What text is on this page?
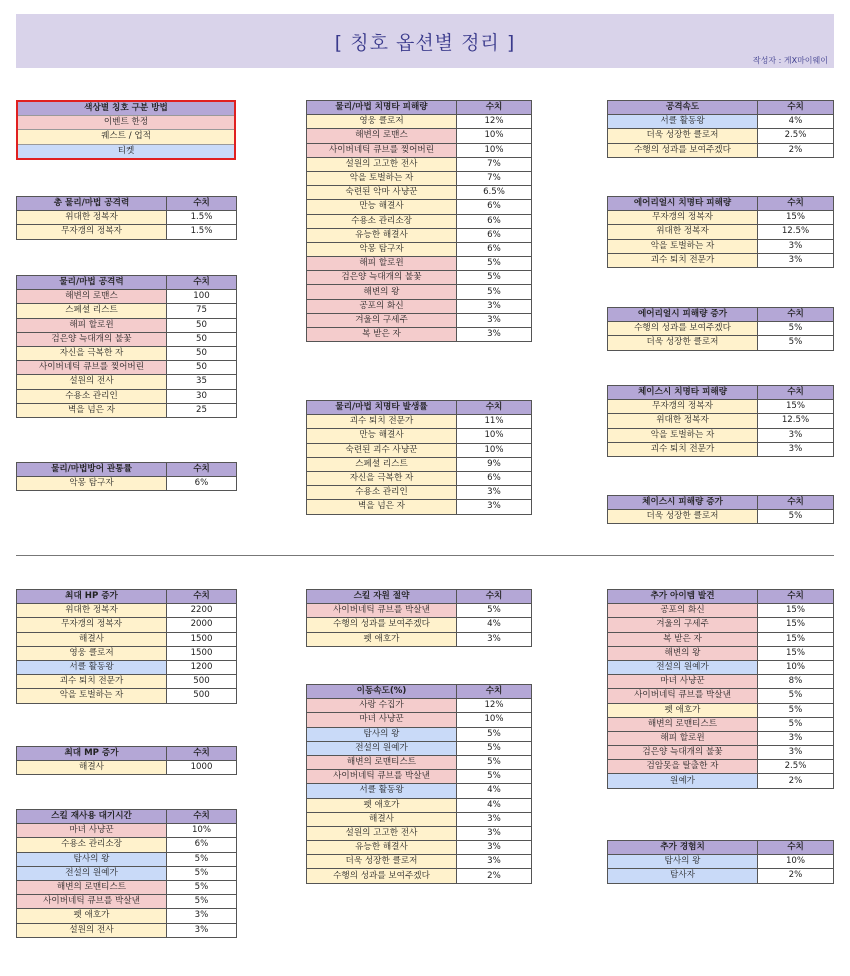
[ 칭호 옵션별 정리 ]
작성자 : 게X마이웨이
색상별 칭호 구분 방법
이벤트 한정
퀘스트 / 업적
티켓
총 물리/마법 공격력	수치
위대한 정복자	1.5%
무자갱의 정복자	1.5%
물리/마법 공격력	수치
해변의 로맨스	100
스페셜 리스트	75
해피 할로윈	50
검은양 늑대개의 불꽃	50
자신을 극복한 자	50
사이버네틱 큐브를 찢어버린	50
설원의 전사	35
수용소 관리인	30
벽을 넘은 자	25
물리/마법방어 관통률	수치
악몽 탐구자	6%
물리/마법 치명타 피해량	수치
영웅 클로저	12%
해변의 로맨스	10%
사이버네틱 큐브를 찢어버린	10%
설원의 고고한 전사	7%
악을 토벌하는 자	7%
숙련된 악마 사냥꾼	6.5%
만능 해결사	6%
수용소 관리소장	6%
유능한 해결사	6%
악몽 탐구자	6%
해피 할로윈	5%
검은양 늑대개의 불꽃	5%
해변의 왕	5%
공포의 화신	3%
겨울의 구세주	3%
복 받은 자	3%
물리/마법 치명타 발생률	수치
괴수 퇴치 전문가	11%
만능 해결사	10%
숙련된 괴수 사냥꾼	10%
스페셜 리스트	9%
자신을 극복한 자	6%
수용소 관리인	3%
벽을 넘은 자	3%
공격속도	수치
서클 활동왕	4%
더욱 성장한 클로저	2.5%
수행의 성과를 보여주겠다	2%
에어리얼시 치명타 피해량	수치
무자갱의 정복자	15%
위대한 정복자	12.5%
악을 토벌하는 자	3%
괴수 퇴치 전문가	3%
에어리얼시 피해량 증가	수치
수행의 성과를 보여주겠다	5%
더욱 성장한 클로저	5%
체이스시 치명타 피해량	수치
무자갱의 정복자	15%
위대한 정복자	12.5%
악을 토벌하는 자	3%
괴수 퇴치 전문가	3%
체이스시 피해량 증가	수치
더욱 성장한 클로저	5%
최대 HP 증가	수치
위대한 정복자	2200
무자갱의 정복자	2000
해결사	1500
영웅 클로저	1500
서클 활동왕	1200
괴수 퇴치 전문가	500
악을 토벌하는 자	500
최대 MP 증가	수치
해결사	1000
스킬 재사용 대기시간	수치
마녀 사냥꾼	10%
수용소 관리소장	6%
탐사의 왕	5%
전설의 원예가	5%
해변의 로맨티스트	5%
사이버네틱 큐브를 박살낸	5%
펫 애호가	3%
설원의 전사	3%
스킬 자원 절약	수치
사이버네틱 큐브를 박살낸	5%
수행의 성과를 보여주겠다	4%
펫 애호가	3%
이동속도(%)	수치
사랑 수집가	12%
마녀 사냥꾼	10%
탐사의 왕	5%
전설의 원예가	5%
해변의 로맨티스트	5%
사이버네틱 큐브를 박살낸	5%
서클 활동왕	4%
펫 애호가	4%
해결사	3%
설원의 고고한 전사	3%
유능한 해결사	3%
더욱 성장한 클로저	3%
수행의 성과를 보여주겠다	2%
추가 아이템 발견	수치
공포의 화신	15%
겨울의 구세주	15%
복 받은 자	15%
해변의 왕	15%
전설의 원예가	10%
마녀 사냥꾼	8%
사이버네틱 큐브를 박살낸	5%
펫 애호가	5%
해변의 로맨티스트	5%
해피 할로윈	3%
검은양 늑대개의 불꽃	3%
검암못을 탈출한 자	2.5%
원예가	2%
추가 경험치	수치
탐사의 왕	10%
탐사자	2%
